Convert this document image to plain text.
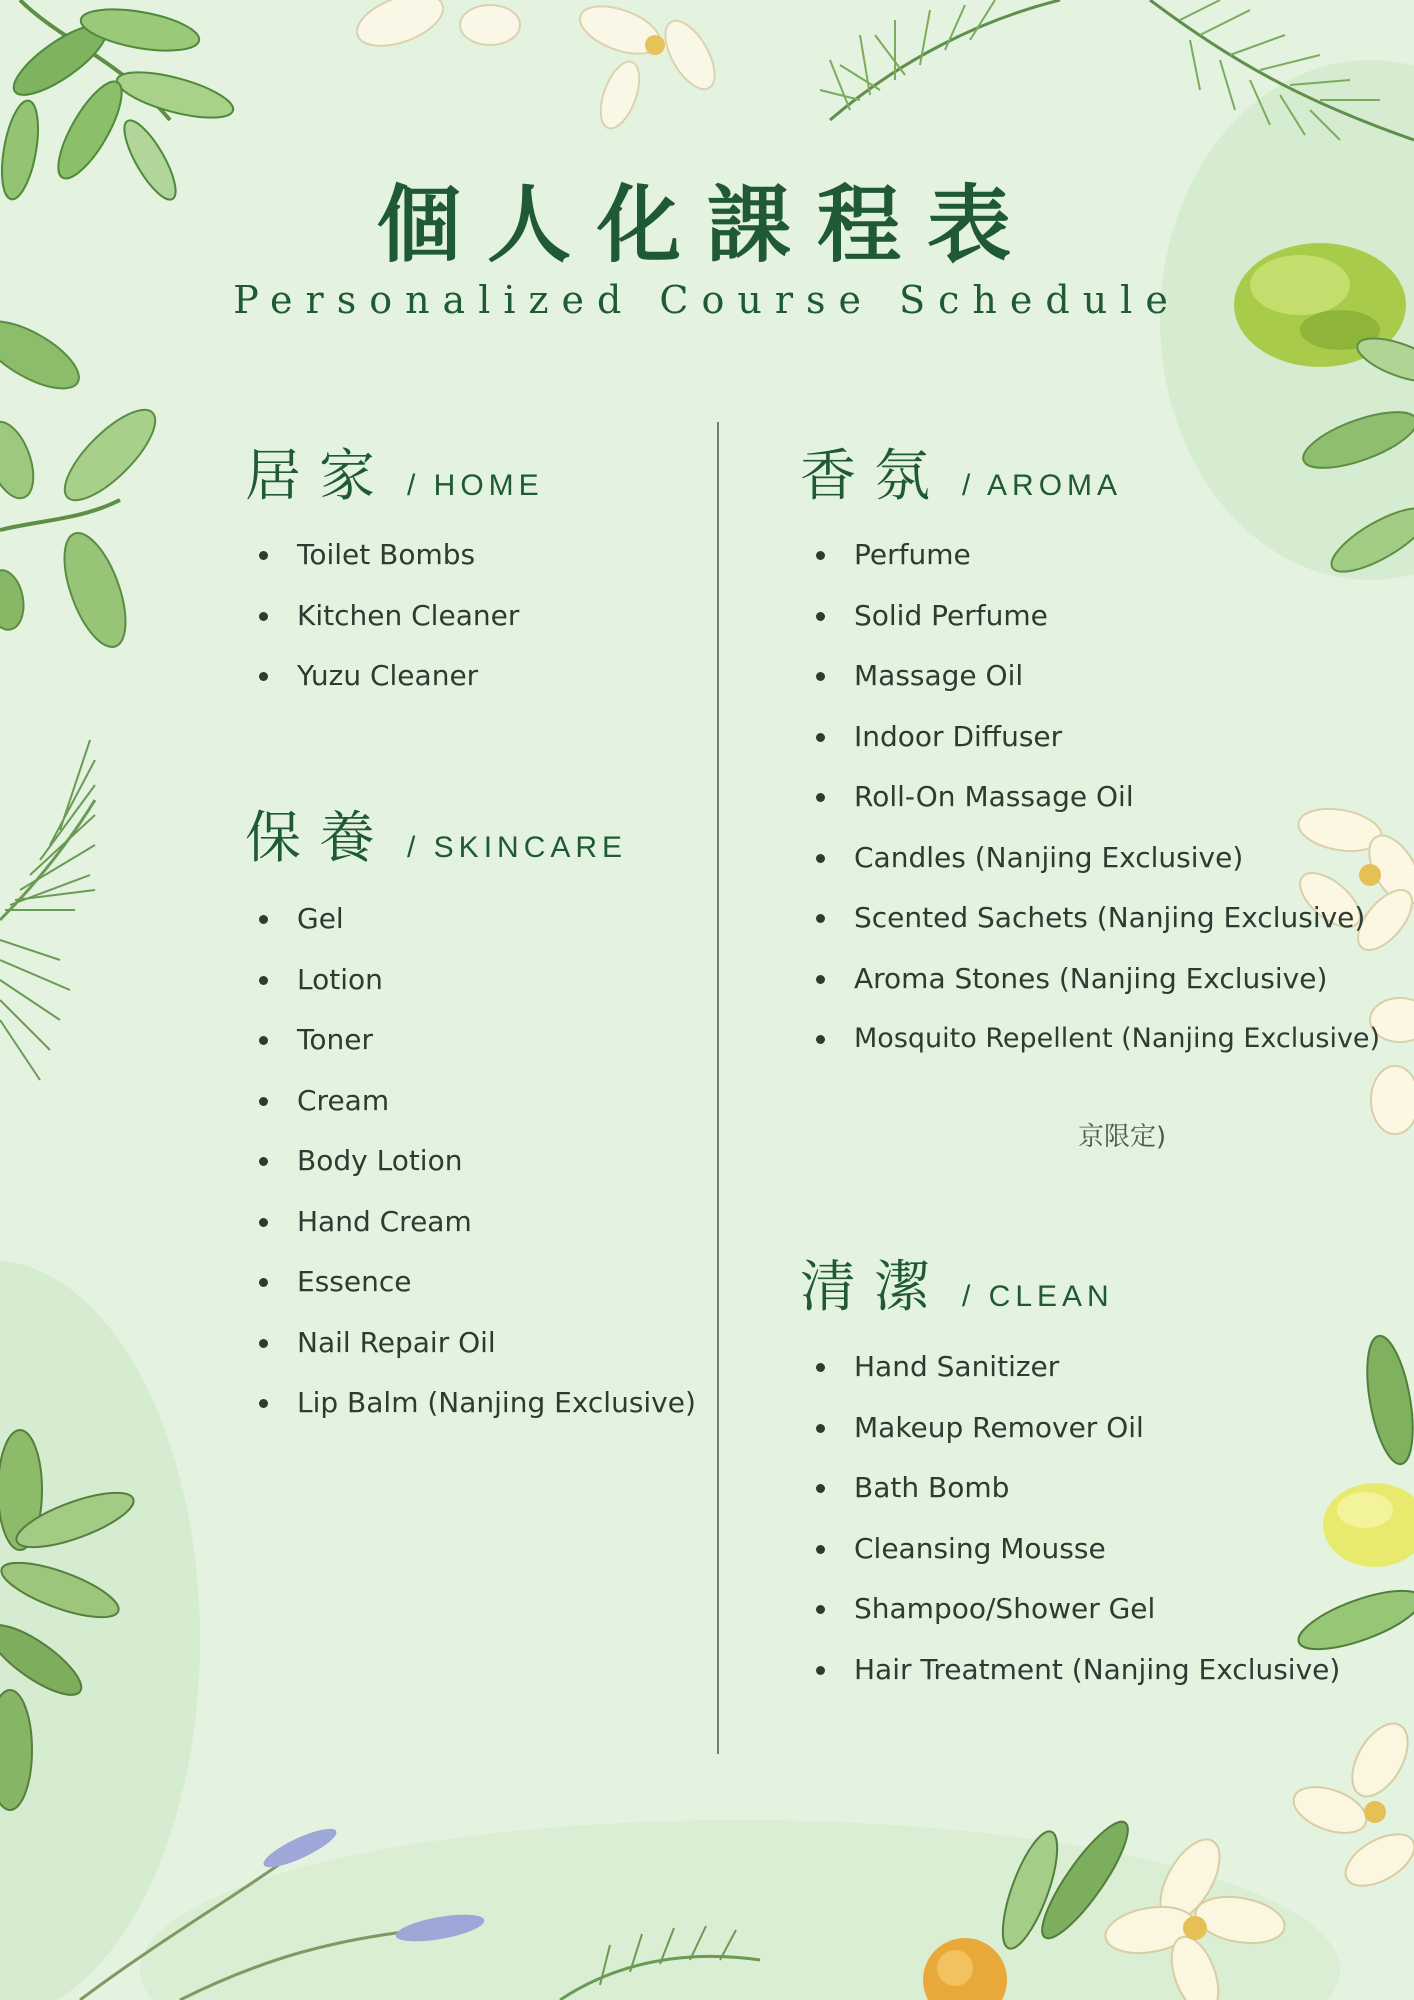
個人化課程表
Personalized Course Schedule
居家 / HOME
Toilet Bombs
Kitchen Cleaner
Yuzu Cleaner
保養 / SKINCARE
Gel
Lotion
Toner
Cream
Body Lotion
Hand Cream
Essence
Nail Repair Oil
Lip Balm (Nanjing Exclusive)
香氛 / AROMA
Perfume
Solid Perfume
Massage Oil
Indoor Diffuser
Roll-On Massage Oil
Candles (Nanjing Exclusive)
Scented Sachets (Nanjing Exclusive)
Aroma Stones (Nanjing Exclusive)
Mosquito Repellent (Nanjing Exclusive)
京限定)
清潔 / CLEAN
Hand Sanitizer
Makeup Remover Oil
Bath Bomb
Cleansing Mousse
Shampoo/Shower Gel
Hair Treatment (Nanjing Exclusive)
